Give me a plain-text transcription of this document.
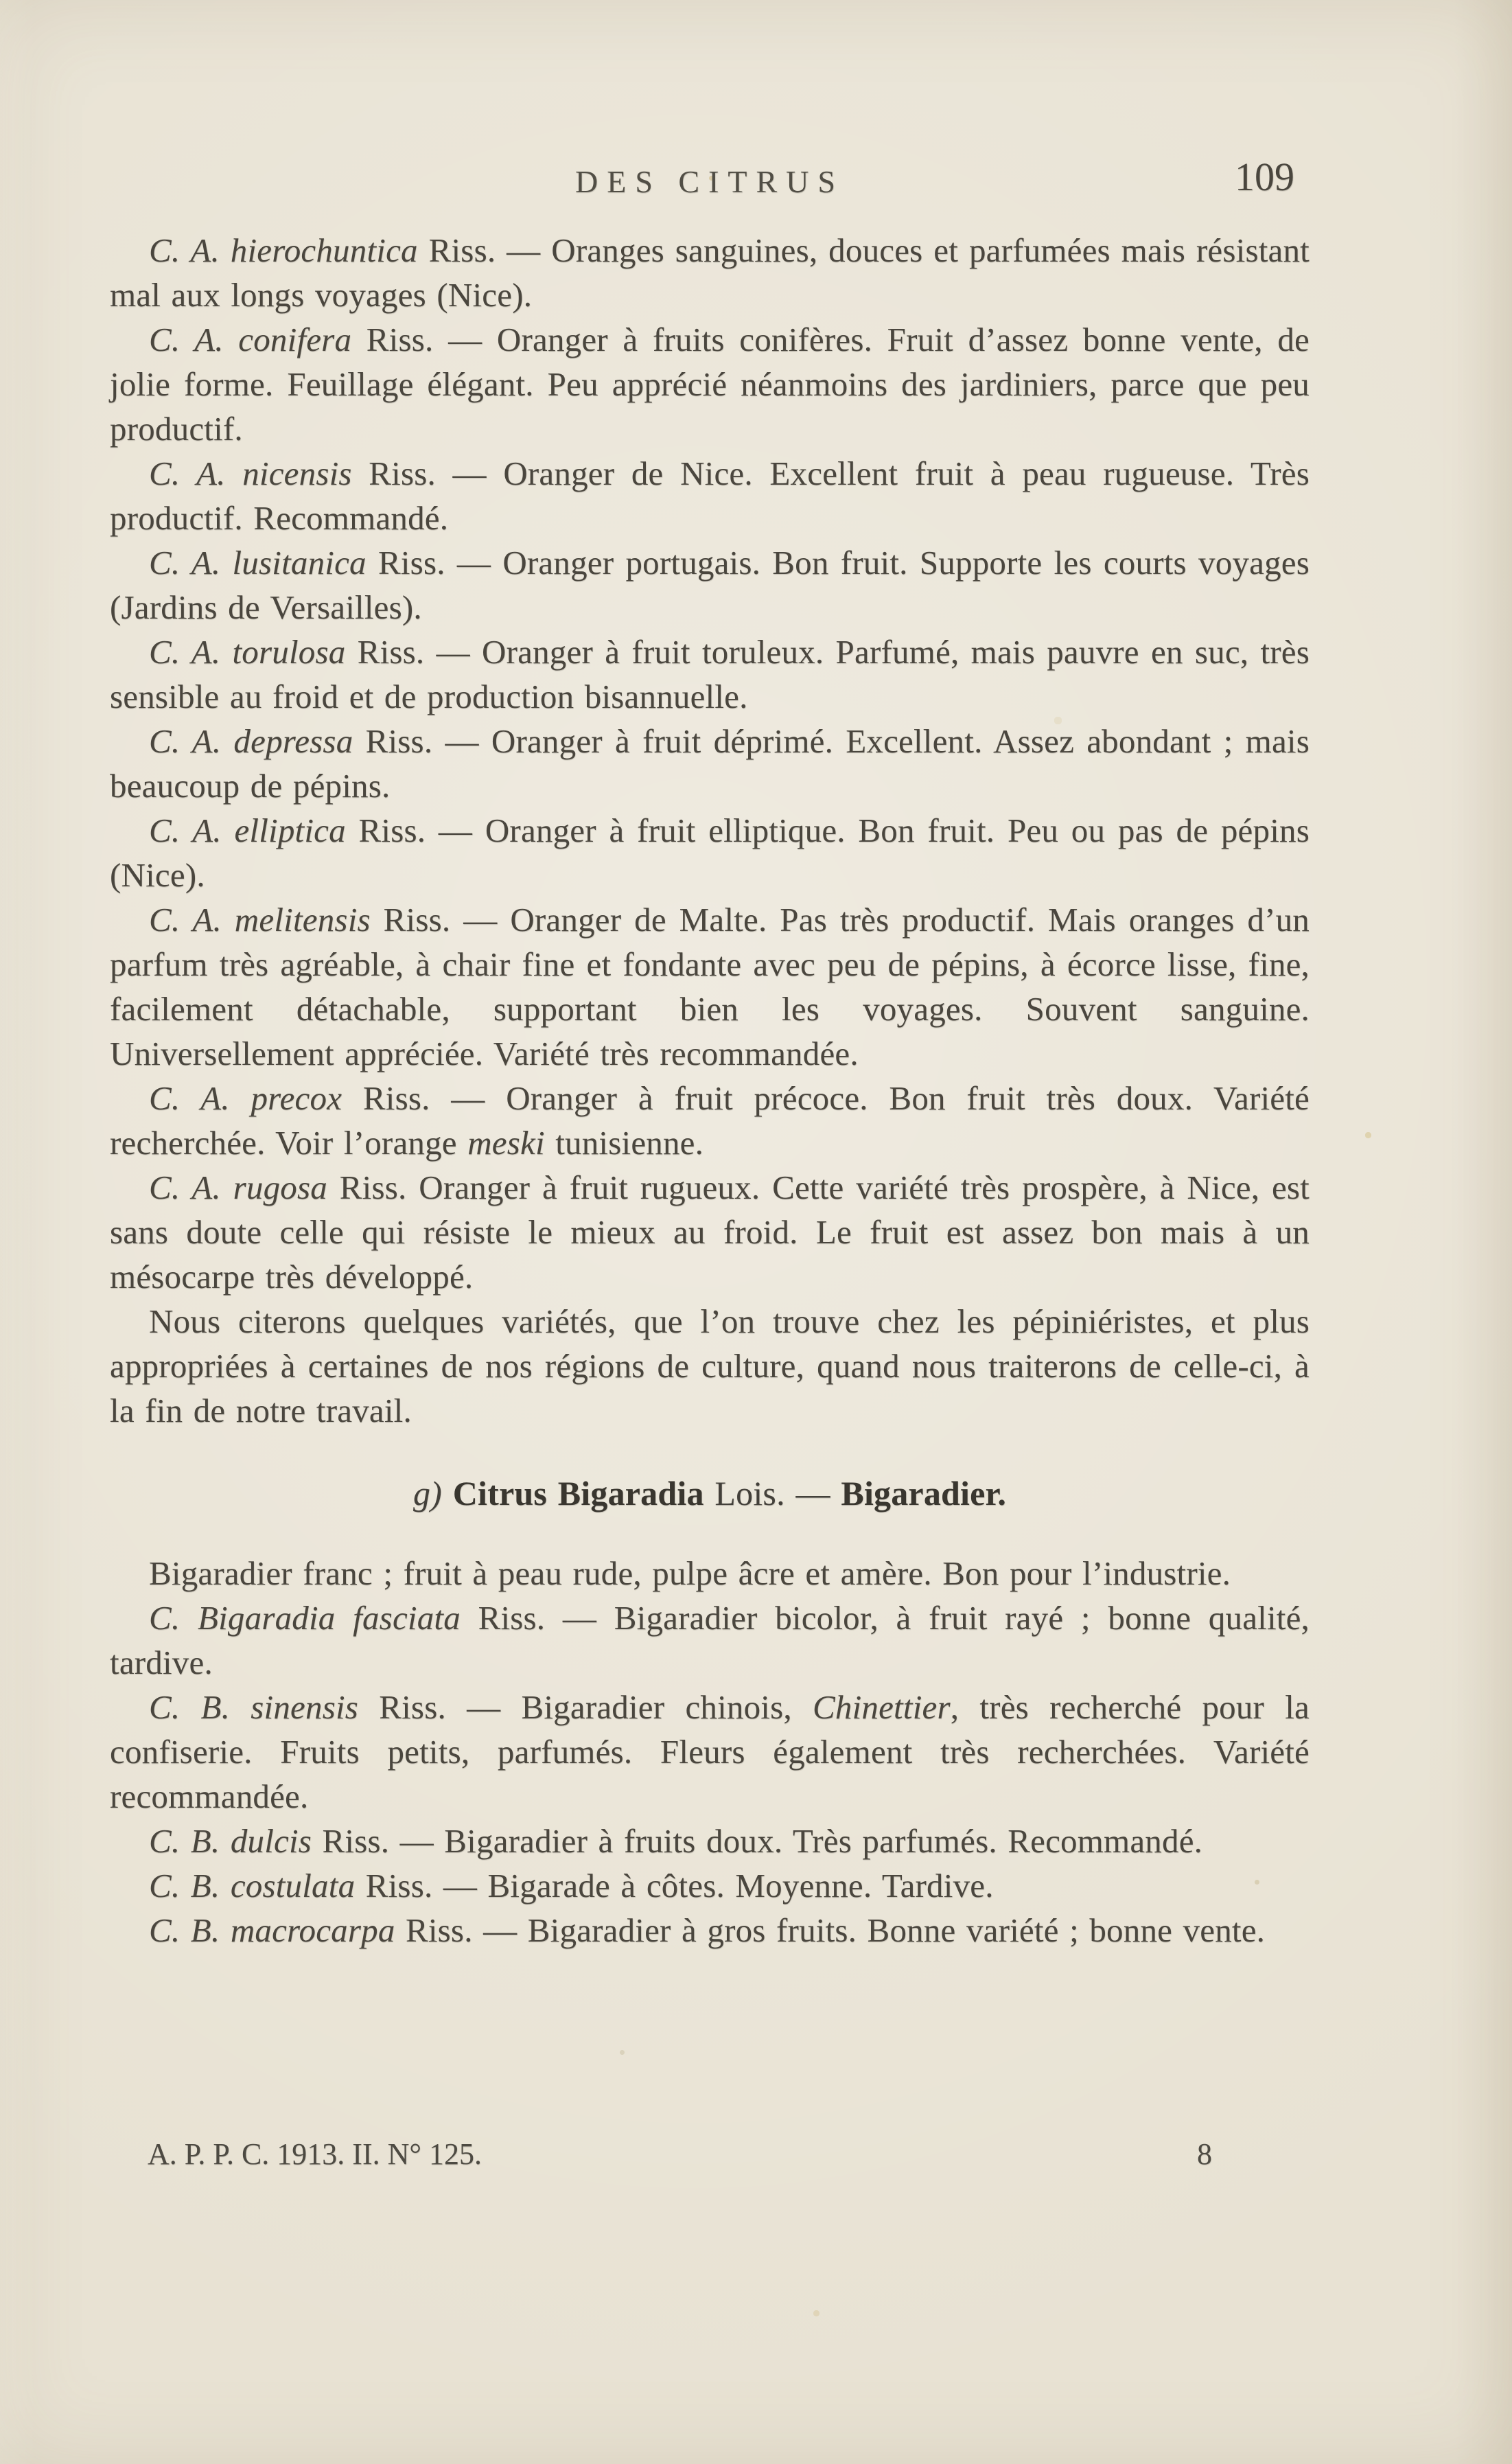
DES CITRUS	109

C. A. hierochuntica Riss. — Oranges sanguines, douces et parfumées mais résistant mal aux longs voyages (Nice).

C. A. conifera Riss. — Oranger à fruits conifères. Fruit d’assez bonne vente, de jolie forme. Feuillage élégant. Peu apprécié néanmoins des jardiniers, parce que peu productif.

C. A. nicensis Riss. — Oranger de Nice. Excellent fruit à peau rugueuse. Très productif. Recommandé.

C. A. lusitanica Riss. — Oranger portugais. Bon fruit. Supporte les courts voyages (Jardins de Versailles).

C. A. torulosa Riss. — Oranger à fruit toruleux. Parfumé, mais pauvre en suc, très sensible au froid et de production bisannuelle.

C. A. depressa Riss. — Oranger à fruit déprimé. Excellent. Assez abondant ; mais beaucoup de pépins.

C. A. elliptica Riss. — Oranger à fruit elliptique. Bon fruit. Peu ou pas de pépins (Nice).

C. A. melitensis Riss. — Oranger de Malte. Pas très productif. Mais oranges d’un parfum très agréable, à chair fine et fondante avec peu de pépins, à écorce lisse, fine, facilement détachable, supportant bien les voyages. Souvent sanguine. Universellement appréciée. Variété très recommandée.

C. A. precox Riss. — Oranger à fruit précoce. Bon fruit très doux. Variété recherchée. Voir l’orange meski tunisienne.

C. A. rugosa Riss. Oranger à fruit rugueux. Cette variété très prospère, à Nice, est sans doute celle qui résiste le mieux au froid. Le fruit est assez bon mais à un mésocarpe très développé.

Nous citerons quelques variétés, que l’on trouve chez les pépiniéristes, et plus appropriées à certaines de nos régions de culture, quand nous traiterons de celle-ci, à la fin de notre travail.

g) Citrus Bigaradia Lois. — Bigaradier.

Bigaradier franc ; fruit à peau rude, pulpe âcre et amère. Bon pour l’industrie.

C. Bigaradia fasciata Riss. — Bigaradier bicolor, à fruit rayé ; bonne qualité, tardive.

C. B. sinensis Riss. — Bigaradier chinois, Chinettier, très recherché pour la confiserie. Fruits petits, parfumés. Fleurs également très recherchées. Variété recommandée.

C. B. dulcis Riss. — Bigaradier à fruits doux. Très parfumés. Recommandé.

C. B. costulata Riss. — Bigarade à côtes. Moyenne. Tardive.

C. B. macrocarpa Riss. — Bigaradier à gros fruits. Bonne variété ; bonne vente.

A. P. P. C. 1913. II. N° 125.	8
